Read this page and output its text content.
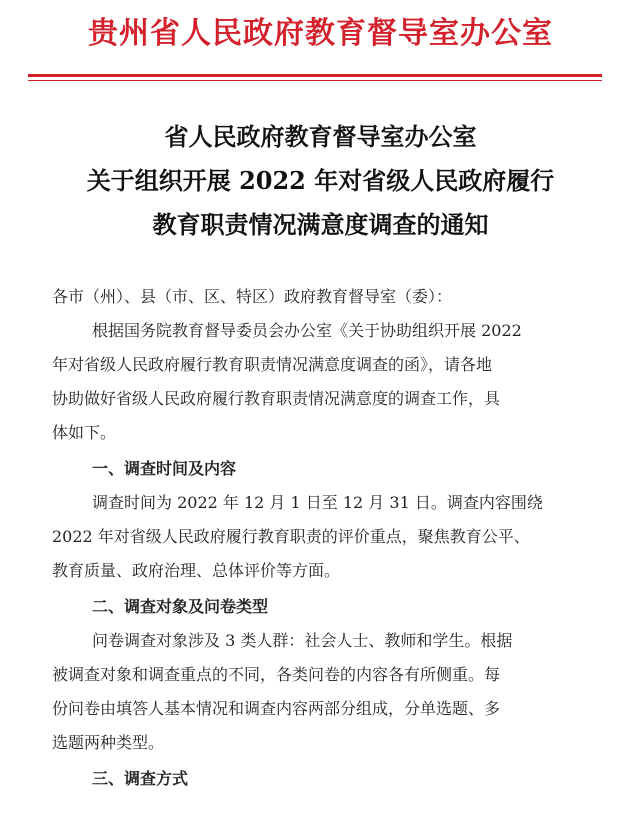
贵州省人民政府教育督导室办公室
省人民政府教育督导室办公室
关于组织开展 2022 年对省级人民政府履行
教育职责情况满意度调查的通知
各市（州）、县（市、区、特区）政府教育督导室（委）：
根据国务院教育督导委员会办公室《关于协助组织开展 2022
年对省级人民政府履行教育职责情况满意度调查的函》，请各地
协助做好省级人民政府履行教育职责情况满意度的调查工作，具
体如下。
一、调查时间及内容
调查时间为 2022 年 12 月 1 日至 12 月 31 日。调查内容围绕
2022 年对省级人民政府履行教育职责的评价重点，聚焦教育公平、
教育质量、政府治理、总体评价等方面。
二、调查对象及问卷类型
问卷调查对象涉及 3 类人群：社会人士、教师和学生。根据
被调查对象和调查重点的不同，各类问卷的内容各有所侧重。每
份问卷由填答人基本情况和调查内容两部分组成，分单选题、多
选题两种类型。
三、调查方式
